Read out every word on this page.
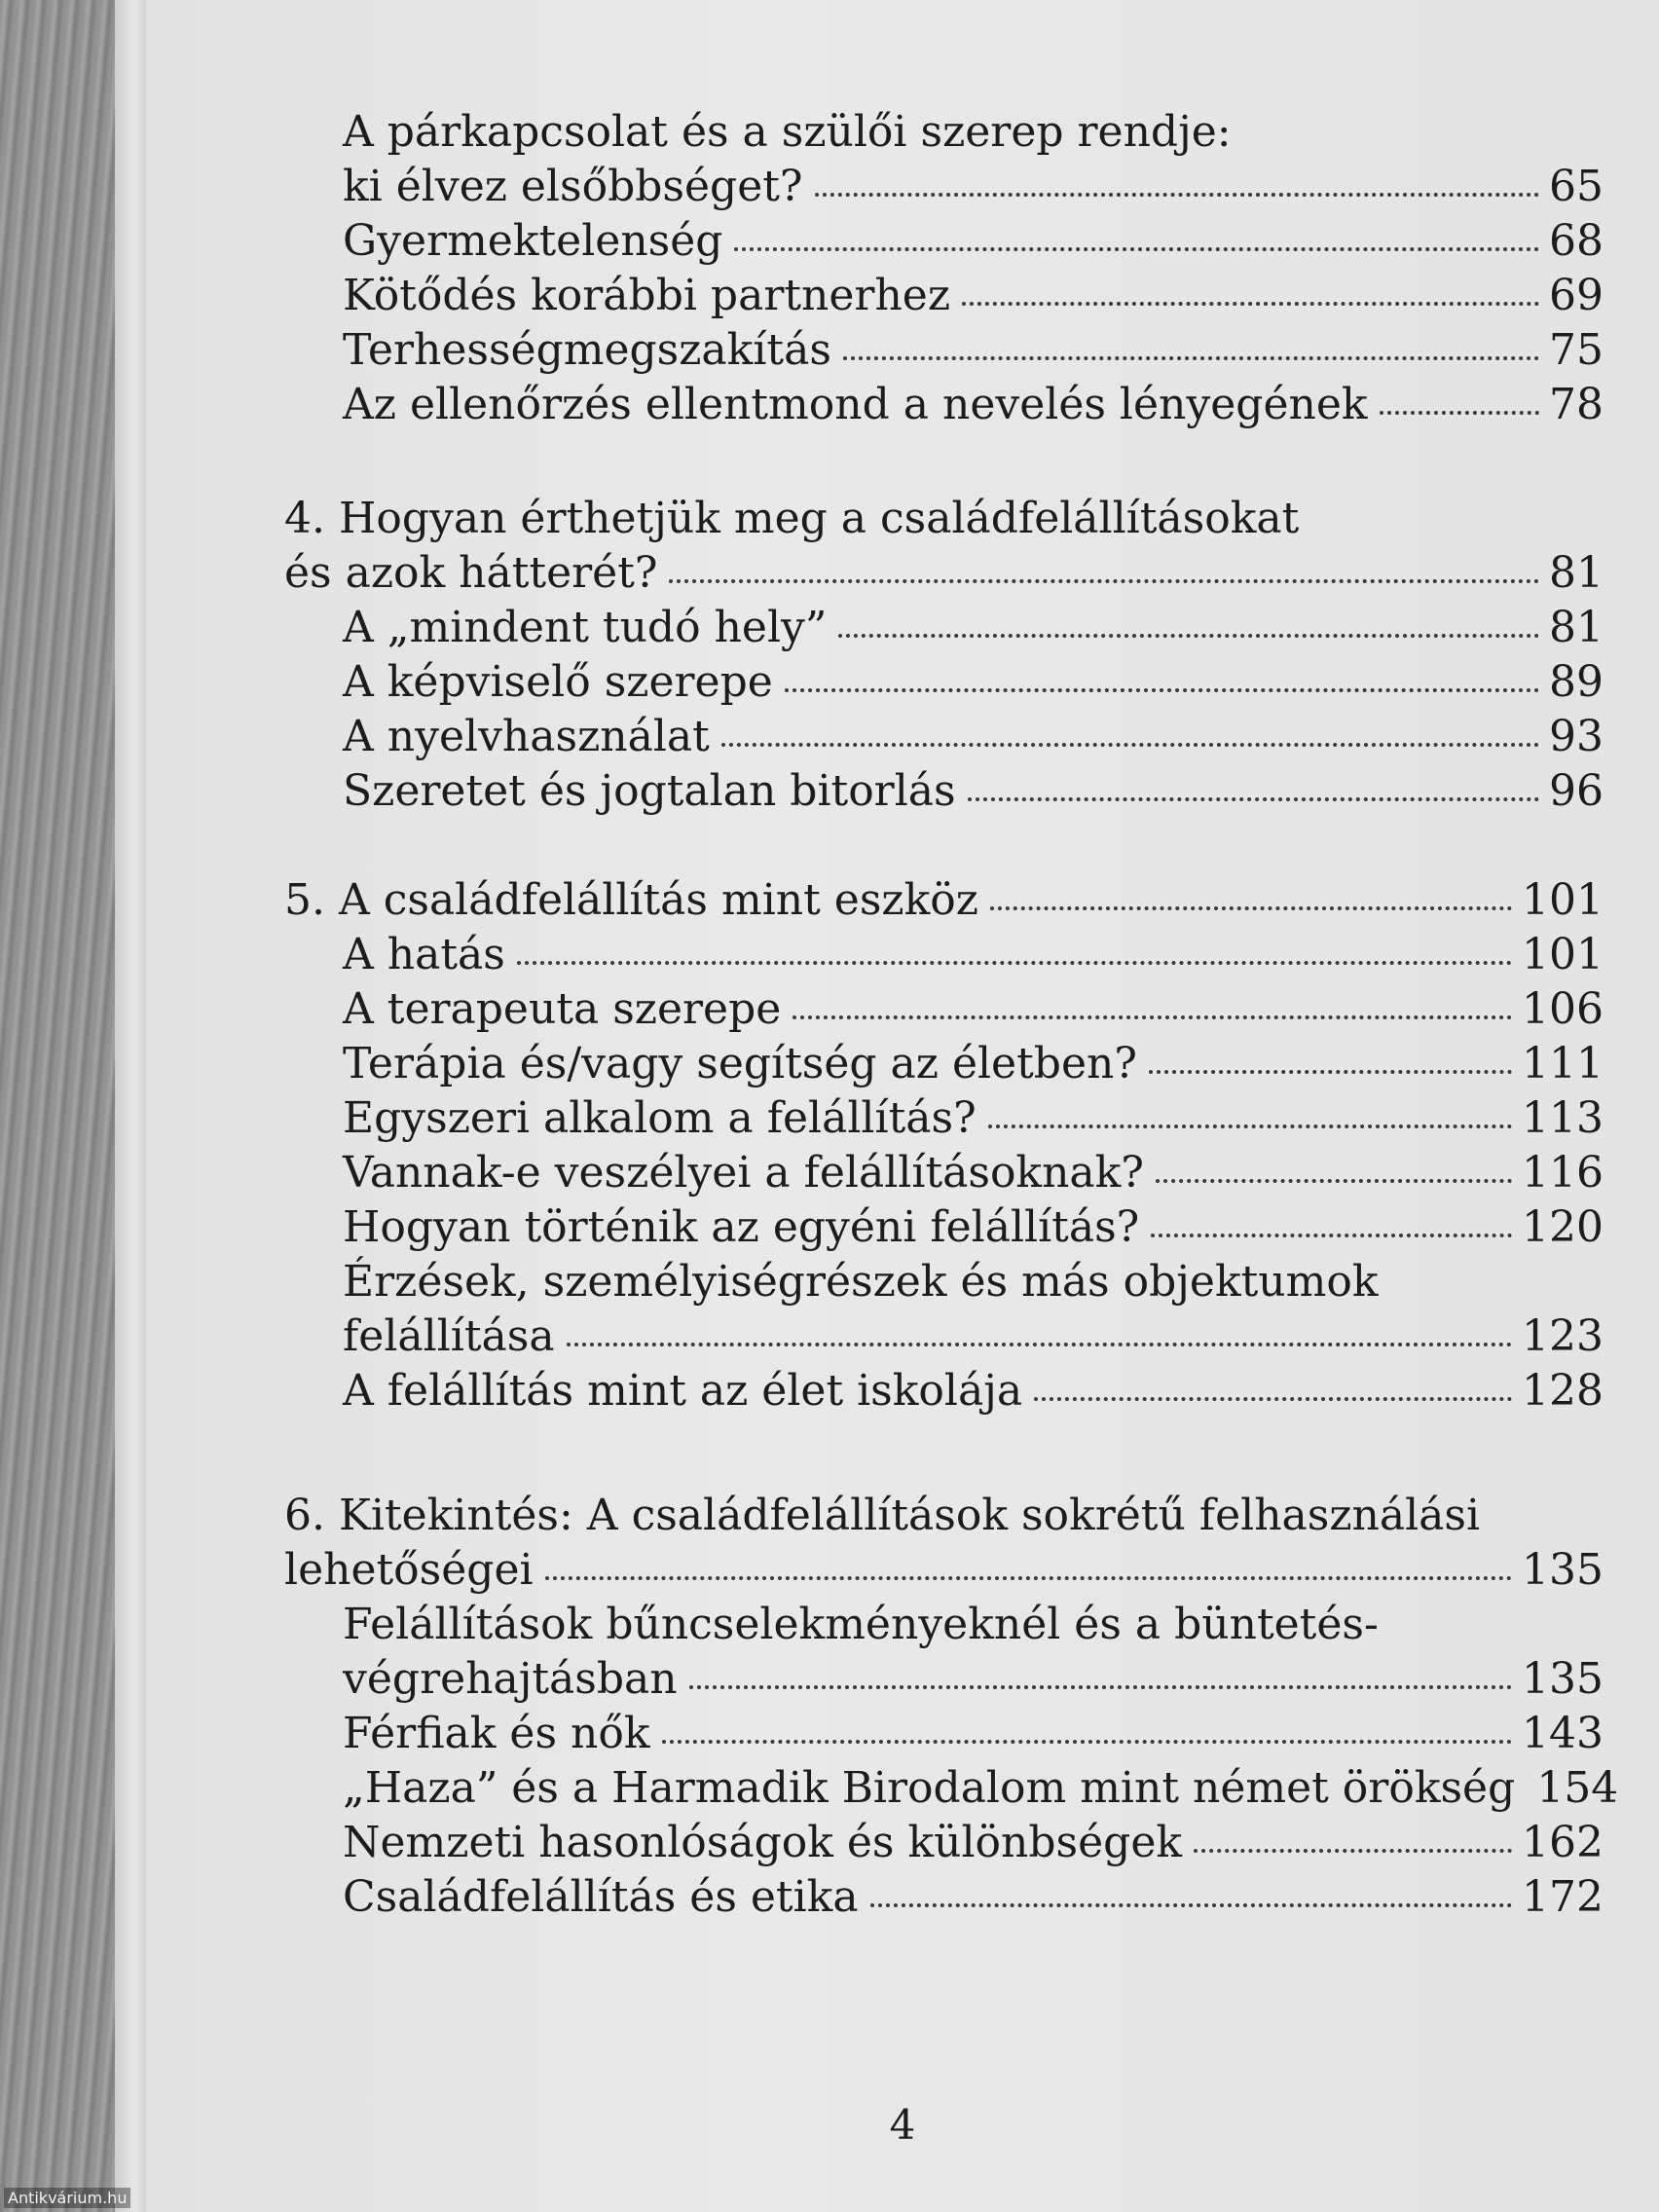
A párkapcsolat és a szülői szerep rendje:
ki élvez elsőbbséget?	65
Gyermektelenség	68
Kötődés korábbi partnerhez	69
Terhességmegszakítás	75
Az ellenőrzés ellentmond a nevelés lényegének	78
4. Hogyan érthetjük meg a családfelállításokat
és azok hátterét?	81
A „mindent tudó hely”	81
A képviselő szerepe	89
A nyelvhasználat	93
Szeretet és jogtalan bitorlás	96
5. A családfelállítás mint eszköz	101
A hatás	101
A terapeuta szerepe	106
Terápia és/vagy segítség az életben?	111
Egyszeri alkalom a felállítás?	113
Vannak-e veszélyei a felállításoknak?	116
Hogyan történik az egyéni felállítás?	120
Érzések, személyiségrészek és más objektumok
felállítása	123
A felállítás mint az élet iskolája	128
6. Kitekintés: A családfelállítások sokrétű felhasználási
lehetőségei	135
Felállítások bűncselekményeknél és a büntetés-
végrehajtásban	135
Férfiak és nők	143
„Haza” és a Harmadik Birodalom mint német örökség 154
Nemzeti hasonlóságok és különbségek	162
Családfelállítás és etika	172
4
Antikvárium.hu
